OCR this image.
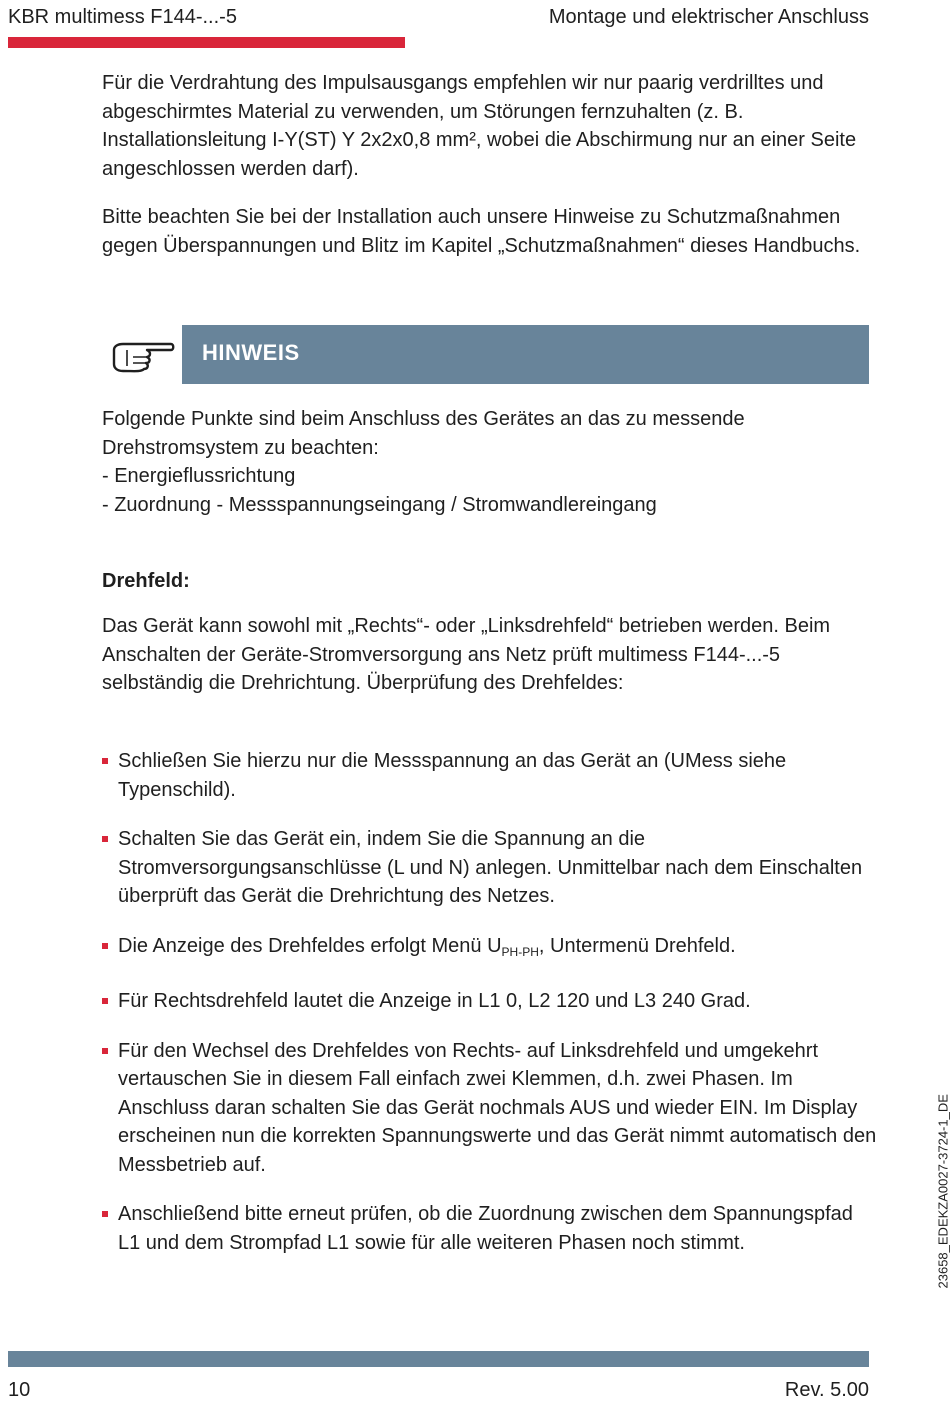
KBR multimess F144-...-5	Montage und elektrischer Anschluss

Für die Verdrahtung des Impulsausgangs empfehlen wir nur paarig verdrilltes und abgeschirmtes Material zu verwenden, um Störungen fernzuhalten (z. B. Installationsleitung I-Y(ST) Y 2x2x0,8 mm², wobei die Abschirmung nur an einer Seite angeschlossen werden darf).

Bitte beachten Sie bei der Installation auch unsere Hinweise zu Schutzmaßnahmen gegen Überspannungen und Blitz im Kapitel „Schutzmaßnahmen“ dieses Handbuchs.

HINWEIS

Folgende Punkte sind beim Anschluss des Gerätes an das zu messende Drehstromsystem zu beachten:

- Energieflussrichtung

- Zuordnung - Messspannungseingang / Stromwandlereingang

Drehfeld:

Das Gerät kann sowohl mit „Rechts“- oder „Linksdrehfeld“ betrieben werden. Beim Anschalten der Geräte-Stromversorgung ans Netz prüft multimess F144-...-5 selbständig die Drehrichtung. Überprüfung des Drehfeldes:

Schließen Sie hierzu nur die Messspannung an das Gerät an (UMess siehe Typenschild).
Schalten Sie das Gerät ein, indem Sie die Spannung an die Stromversorgungsanschlüsse (L und N) anlegen. Unmittelbar nach dem Einschalten überprüft das Gerät die Drehrichtung des Netzes.
Die Anzeige des Drehfeldes erfolgt Menü $U_{PH-PH}$, Untermenü Drehfeld.
Für Rechtsdrehfeld lautet die Anzeige in L1 0, L2 120 und L3 240 Grad.
Für den Wechsel des Drehfeldes von Rechts- auf Linksdrehfeld und umgekehrt vertauschen Sie in diesem Fall einfach zwei Klemmen, d.h. zwei Phasen. Im Anschluss daran schalten Sie das Gerät nochmals AUS und wieder EIN. Im Display erscheinen nun die korrekten Spannungswerte und das Gerät nimmt automatisch den Messbetrieb auf.
Anschließend bitte erneut prüfen, ob die Zuordnung zwischen dem Spannungspfad L1 und dem Strompfad L1 sowie für alle weiteren Phasen noch stimmt.	23658_EDEKZA0027-3724-1_DE
10	Rev. 5.00
